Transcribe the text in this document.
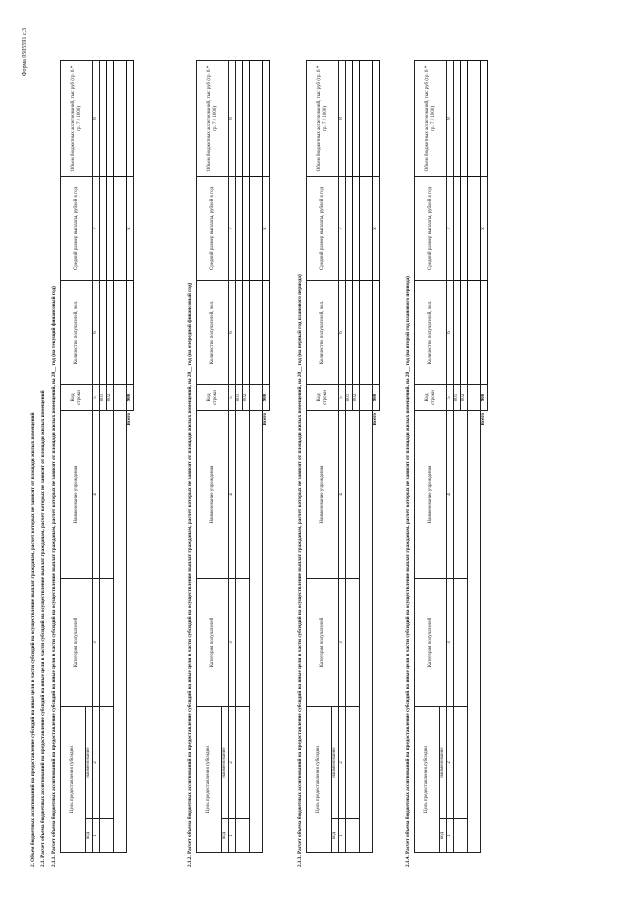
Форма 0505591 с.3
2. Объем бюджетных ассигнований на предоставление субсидий на иные цели в части субсидий на осуществление выплат гражданам, расчет которых не зависит от площади жилых помещений 2.1. Расчет объема бюджетных ассигнований на предоставление субсидий на иные цели в части субсидий на осуществление выплат гражданам, расчет которых не зависит от площади жилых помещений 2.1.1. Расчет объема бюджетных ассигнований на предоставление субсидий на иные цели в части субсидий на осуществление выплат гражданам, расчет которых не зависит от площади жилых помещений, на 20__ год (на текущий финансовый год)	Цель предоставления субсидии		Категория получателей	Наименование учреждения	Код строки	Количество получателей, чел.	Средний размер выплаты, рублей в год	Объем бюджетных ассигнований, тыс руб (гр. 6 * гр. 7 / 1000)
код	наименование						
1	2	3	4	5	6	7	8
				001			
				002			

Всего				900		x	
2.1.2. Расчет объема бюджетных ассигнований на предоставление субсидий на иные цели в части субсидий на осуществление выплат гражданам, расчет которых не зависит от площади жилых помещений, на 20__ год (на очередной финансовый год)	Цель предоставления субсидии		Категория получателей	Наименование учреждения	Код строки	Количество получателей, чел.	Средний размер выплаты, рублей в год	Объем бюджетных ассигнований, тыс руб (гр. 6 * гр. 7 / 1000)
код	наименование						
1	2	3	4	5	6	7	8
				001			
				002			

Всего				900		x	
2.1.3. Расчет объема бюджетных ассигнований на предоставление субсидий на иные цели в части субсидий на осуществление выплат гражданам, расчет которых не зависит от площади жилых помещений, на 20__ год (на первый год планового периода)	Цель предоставления субсидии		Категория получателей	Наименование учреждения	Код строки	Количество получателей, чел.	Средний размер выплаты, рублей в год	Объем бюджетных ассигнований, тыс руб (гр. 6 * гр. 7 / 1000)
код	наименование						
1	2	3	4	5	6	7	8
				001			
				002			

Всего				900		x	
2.1.4. Расчет объема бюджетных ассигнований на предоставление субсидий на иные цели в части субсидий на осуществление выплат гражданам, расчет которых не зависит от площади жилых помещений, на 20__ год (на второй год планового периода)	Цель предоставления субсидии		Категория получателей	Наименование учреждения	Код строки	Количество получателей, чел.	Средний размер выплаты, рублей в год	Объем бюджетных ассигнований, тыс руб (гр. 6 * гр. 7 / 1000)
код	наименование						
1	2	3	4	5	6	7	8
				001			
				002			

Всего				900		x	
